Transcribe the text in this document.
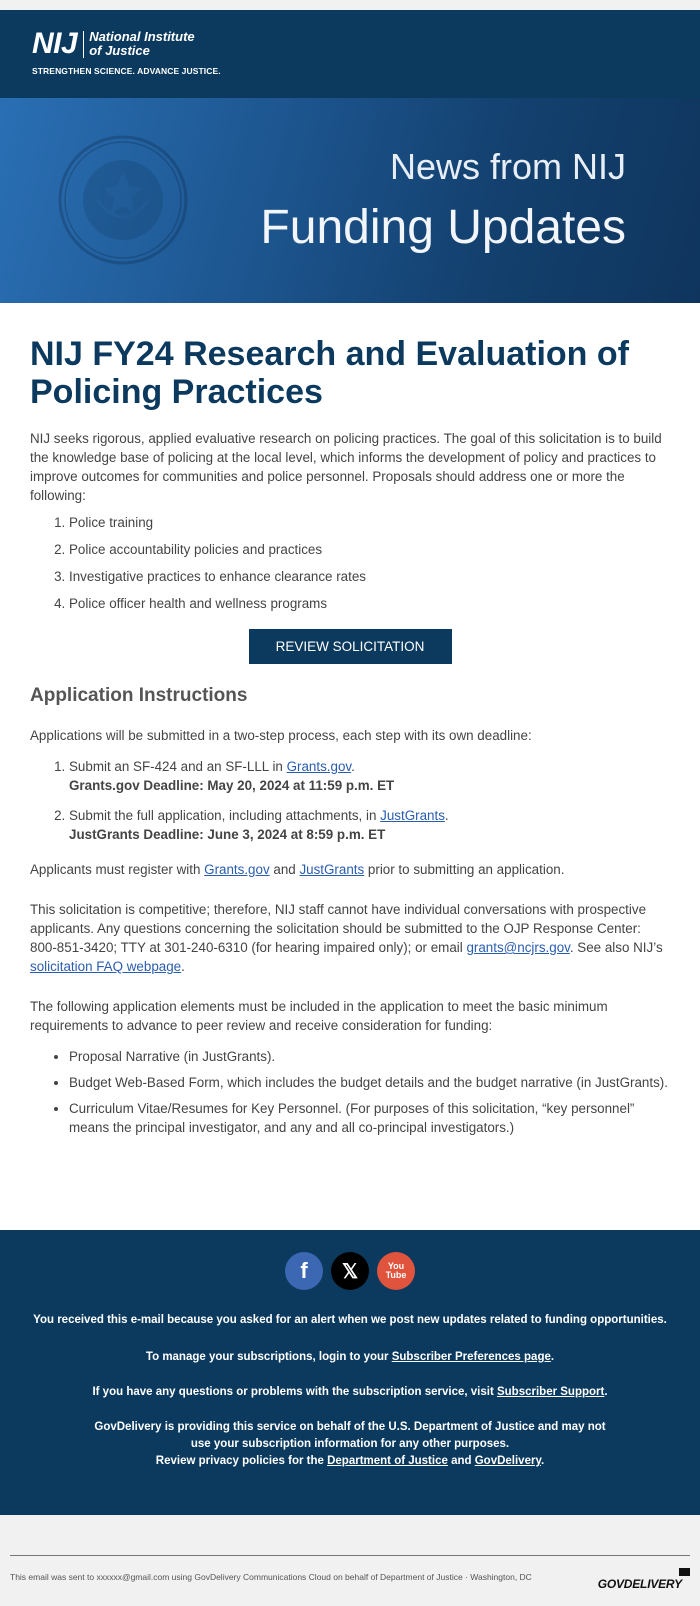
NIJ National Institute
of Justice
STRENGTHEN SCIENCE. ADVANCE JUSTICE.
News from NIJ
Funding Updates
NIJ FY24 Research and Evaluation of Policing Practices

NIJ seeks rigorous, applied evaluative research on policing practices. The goal of this solicitation is to build the knowledge base of policing at the local level, which informs the development of policy and practices to improve outcomes for communities and police personnel. Proposals should address one or more the following:

1. Police training
2. Police accountability policies and practices
3. Investigative practices to enhance clearance rates
4. Police officer health and wellness programs
REVIEW SOLICITATION
Application Instructions

Applications will be submitted in a two-step process, each step with its own deadline:

1. Submit an SF-424 and an SF-LLL in Grants.gov.
Grants.gov Deadline: May 20, 2024 at 11:59 p.m. ET
2. Submit the full application, including attachments, in JustGrants.
JustGrants Deadline: June 3, 2024 at 8:59 p.m. ET

Applicants must register with Grants.gov and JustGrants prior to submitting an application.

This solicitation is competitive; therefore, NIJ staff cannot have individual conversations with prospective applicants. Any questions concerning the solicitation should be submitted to the OJP Response Center: 800-851-3420; TTY at 301-240-6310 (for hearing impaired only); or email grants@ncjrs.gov. See also NIJ’s solicitation FAQ webpage.

The following application elements must be included in the application to meet the basic minimum requirements to advance to peer review and receive consideration for funding:

• Proposal Narrative (in JustGrants).
• Budget Web-Based Form, which includes the budget details and the budget narrative (in JustGrants).
• Curriculum Vitae/Resumes for Key Personnel. (For purposes of this solicitation, “key personnel” means the principal investigator, and any and all co-principal investigators.)
f	𝕏	You
Tube

You received this e-mail because you asked for an alert when we post new updates related to funding opportunities.

To manage your subscriptions, login to your Subscriber Preferences page.

If you have any questions or problems with the subscription service, visit Subscriber Support.

GovDelivery is providing this service on behalf of the U.S. Department of Justice and may not use your subscription information for any other purposes.

Review privacy policies for the Department of Justice and GovDelivery.

This email was sent to xxxxxx@gmail.com using GovDelivery Communications Cloud on behalf of Department of Justice · Washington, DC	GOVDELIVERY
